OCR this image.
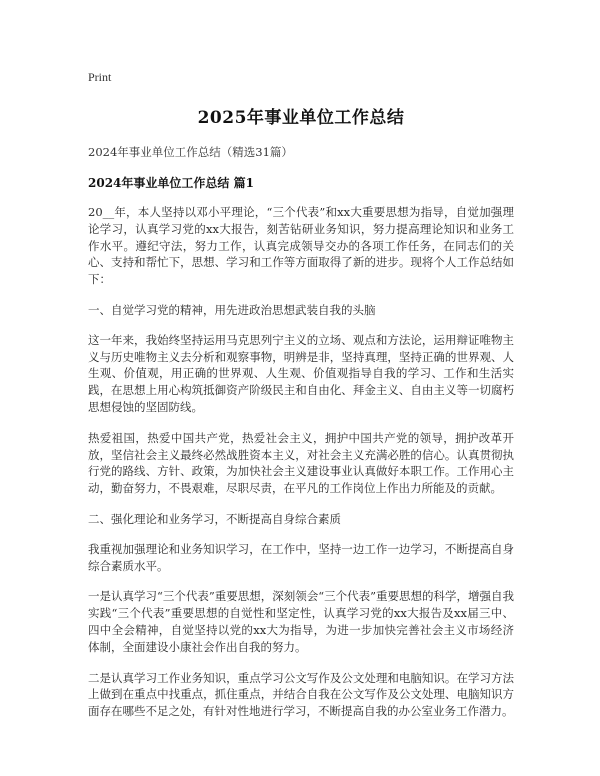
Print
2025年事业单位工作总结
2024年事业单位工作总结（精选31篇）
2024年事业单位工作总结 篇1

20__年，本人坚持以邓小平理论，“三个代表”和xx大重要思想为指导，自觉加强理论学习，认真学习党的xx大报告，刻苦钻研业务知识，努力提高理论知识和业务工作水平。遵纪守法，努力工作，认真完成领导交办的各项工作任务，在同志们的关心、支持和帮忙下，思想、学习和工作等方面取得了新的进步。现将个人工作总结如下：

一、自觉学习党的精神，用先进政治思想武装自我的头脑

这一年来，我始终坚持运用马克思列宁主义的立场、观点和方法论，运用辩证唯物主义与历史唯物主义去分析和观察事物，明辨是非，坚持真理，坚持正确的世界观、人生观、价值观，用正确的世界观、人生观、价值观指导自我的学习、工作和生活实践，在思想上用心构筑抵御资产阶级民主和自由化、拜金主义、自由主义等一切腐朽思想侵蚀的坚固防线。

热爱祖国，热爱中国共产党，热爱社会主义，拥护中国共产党的领导，拥护改革开放，坚信社会主义最终必然战胜资本主义，对社会主义充满必胜的信心。认真贯彻执行党的路线、方针、政策，为加快社会主义建设事业认真做好本职工作。工作用心主动，勤奋努力，不畏艰难，尽职尽责，在平凡的工作岗位上作出力所能及的贡献。

二、强化理论和业务学习，不断提高自身综合素质

我重视加强理论和业务知识学习，在工作中，坚持一边工作一边学习，不断提高自身综合素质水平。

一是认真学习“三个代表”重要思想，深刻领会“三个代表”重要思想的科学，增强自我实践“三个代表”重要思想的自觉性和坚定性，认真学习党的xx大报告及xx届三中、四中全会精神，自觉坚持以党的xx大为指导，为进一步加快完善社会主义市场经济体制，全面建设小康社会作出自我的努力。

二是认真学习工作业务知识，重点学习公文写作及公文处理和电脑知识。在学习方法上做到在重点中找重点，抓住重点，并结合自我在公文写作及公文处理、电脑知识方面存在哪些不足之处，有针对性地进行学习，不断提高自我的办公室业务工作潜力。
